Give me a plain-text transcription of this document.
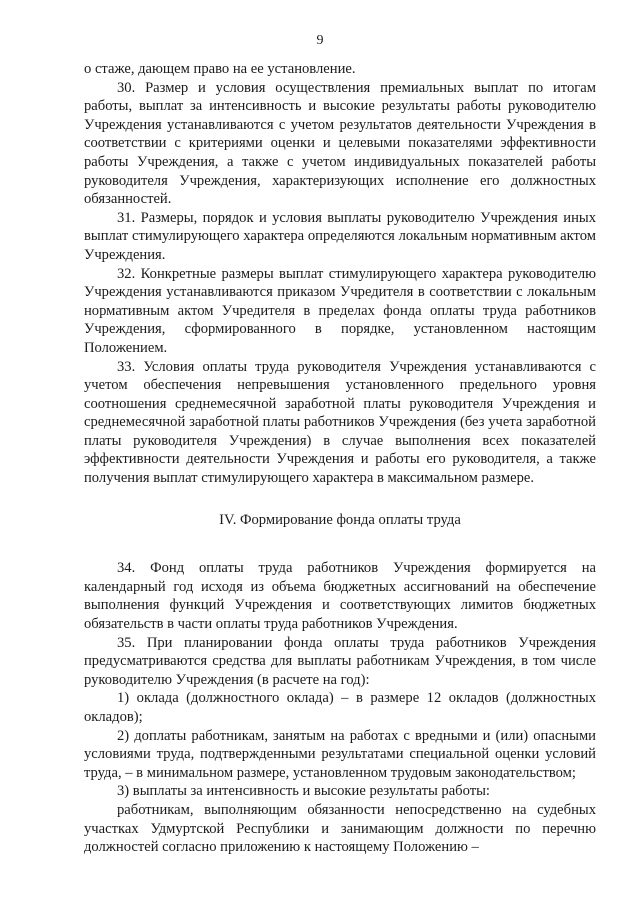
9

о стаже, дающем право на ее установление.

30. Размер и условия осуществления премиальных выплат по итогам работы, выплат за интенсивность и высокие результаты работы руководителю Учреждения устанавливаются с учетом результатов деятельности Учреждения в соответствии с критериями оценки и целевыми показателями эффективности работы Учреждения, а также с учетом индивидуальных показателей работы руководителя Учреждения, характеризующих исполнение его должностных обязанностей.

31. Размеры, порядок и условия выплаты руководителю Учреждения иных выплат стимулирующего характера определяются локальным нормативным актом Учреждения.

32. Конкретные размеры выплат стимулирующего характера руководителю Учреждения устанавливаются приказом Учредителя в соответствии с локальным нормативным актом Учредителя в пределах фонда оплаты труда работников Учреждения, сформированного в порядке, установленном настоящим Положением.

33. Условия оплаты труда руководителя Учреждения устанавливаются с учетом обеспечения непревышения установленного предельного уровня соотношения среднемесячной заработной платы руководителя Учреждения и среднемесячной заработной платы работников Учреждения (без учета заработной платы руководителя Учреждения) в случае выполнения всех показателей эффективности деятельности Учреждения и работы его руководителя, а также получения выплат стимулирующего характера в максимальном размере.

IV. Формирование фонда оплаты труда

34. Фонд оплаты труда работников Учреждения формируется на календарный год исходя из объема бюджетных ассигнований на обеспечение выполнения функций Учреждения и соответствующих лимитов бюджетных обязательств в части оплаты труда работников Учреждения.

35. При планировании фонда оплаты труда работников Учреждения предусматриваются средства для выплаты работникам Учреждения, в том числе руководителю Учреждения (в расчете на год):

1) оклада (должностного оклада) – в размере 12 окладов (должностных окладов);

2) доплаты работникам, занятым на работах с вредными и (или) опасными условиями труда, подтвержденными результатами специальной оценки условий труда, – в минимальном размере, установленном трудовым законодательством;

3) выплаты за интенсивность и высокие результаты работы:

работникам, выполняющим обязанности непосредственно на судебных участках Удмуртской Республики и занимающим должности по перечню должностей согласно приложению к настоящему Положению –
